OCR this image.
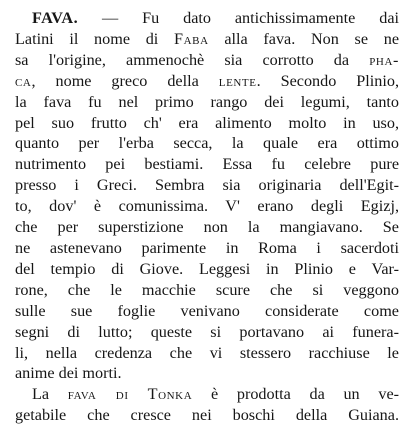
FAVA. — Fu dato antichissimamente dai
Latini il nome di Faba alla fava. Non se ne
sa l'origine, ammenochè sia corrotto da pha-
ca, nome greco della lente. Secondo Plinio,
la fava fu nel primo rango dei legumi, tanto
pel suo frutto ch' era alimento molto in uso,
quanto per l'erba secca, la quale era ottimo
nutrimento pei bestiami. Essa fu celebre pure
presso i Greci. Sembra sia originaria dell'Egit-
to, dov' è comunissima. V' erano degli Egizj,
che per superstizione non la mangiavano. Se
ne astenevano parimente in Roma i sacerdoti
del tempio di Giove. Leggesi in Plinio e Var-
rone, che le macchie scure che si veggono
sulle sue foglie venivano considerate come
segni di lutto; queste si portavano ai funera-
li, nella credenza che vi stessero racchiuse le
anime dei morti.

La fava di Tonka è prodotta da un ve-
getabile che cresce nei boschi della Guiana.
